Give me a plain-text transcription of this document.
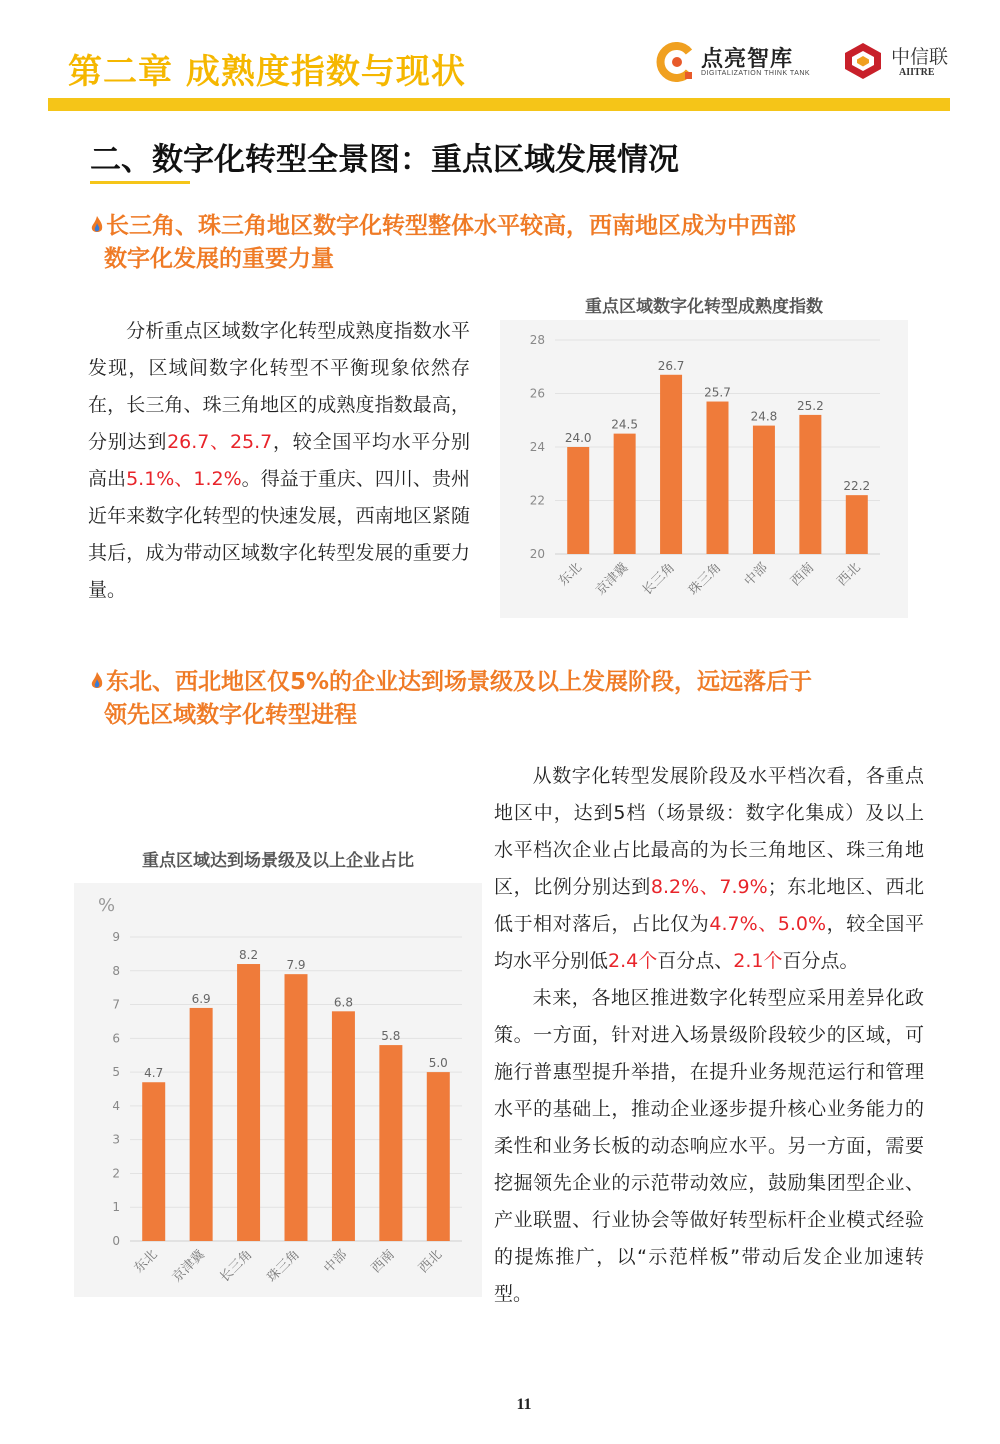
第二章 成熟度指数与现状	点亮智库
DIGITALIZATION THINK TANK
中信联
AIITRE
二、数字化转型全景图：重点区域发展情况
长三角、珠三角地区数字化转型整体水平较高，西南地区成为中西部
数字化发展的重要力量
分析重点区域数字化转型成熟度指数水平发现，区域间数字化转型不平衡现象依然存在，长三角、珠三角地区的成熟度指数最高，分别达到26.7、25.7，较全国平均水平分别高出5.1%、1.2%。得益于重庆、四川、贵州近年来数字化转型的快速发展，西南地区紧随其后，成为带动区域数字化转型发展的重要力量。
重点区域数字化转型成熟度指数
20
22
24
26
28
24.0
东北
24.5
京津冀
26.7
长三角
25.7
珠三角
24.8
中部
25.2
西南
22.2
西北
东北、西北地区仅5%的企业达到场景级及以上发展阶段，远远落后于
领先区域数字化转型进程
重点区域达到场景级及以上企业占比
%
0
1
2
3
4
5
6
7
8
9
4.7
东北
6.9
京津冀
8.2
长三角
7.9
珠三角
6.8
中部
5.8
西南
5.0
西北
从数字化转型发展阶段及水平档次看，各重点地区中，达到5档（场景级：数字化集成）及以上水平档次企业占比最高的为长三角地区、珠三角地区，比例分别达到8.2%、7.9%；东北地区、西北低于相对落后，占比仅为4.7%、5.0%，较全国平均水平分别低2.4个百分点、2.1个百分点。
未来，各地区推进数字化转型应采用差异化政策。一方面，针对进入场景级阶段较少的区域，可施行普惠型提升举措，在提升业务规范运行和管理水平的基础上，推动企业逐步提升核心业务能力的柔性和业务长板的动态响应水平。另一方面，需要挖掘领先企业的示范带动效应，鼓励集团型企业、产业联盟、行业协会等做好转型标杆企业模式经验的提炼推广，以“示范样板”带动后发企业加速转型。
11
